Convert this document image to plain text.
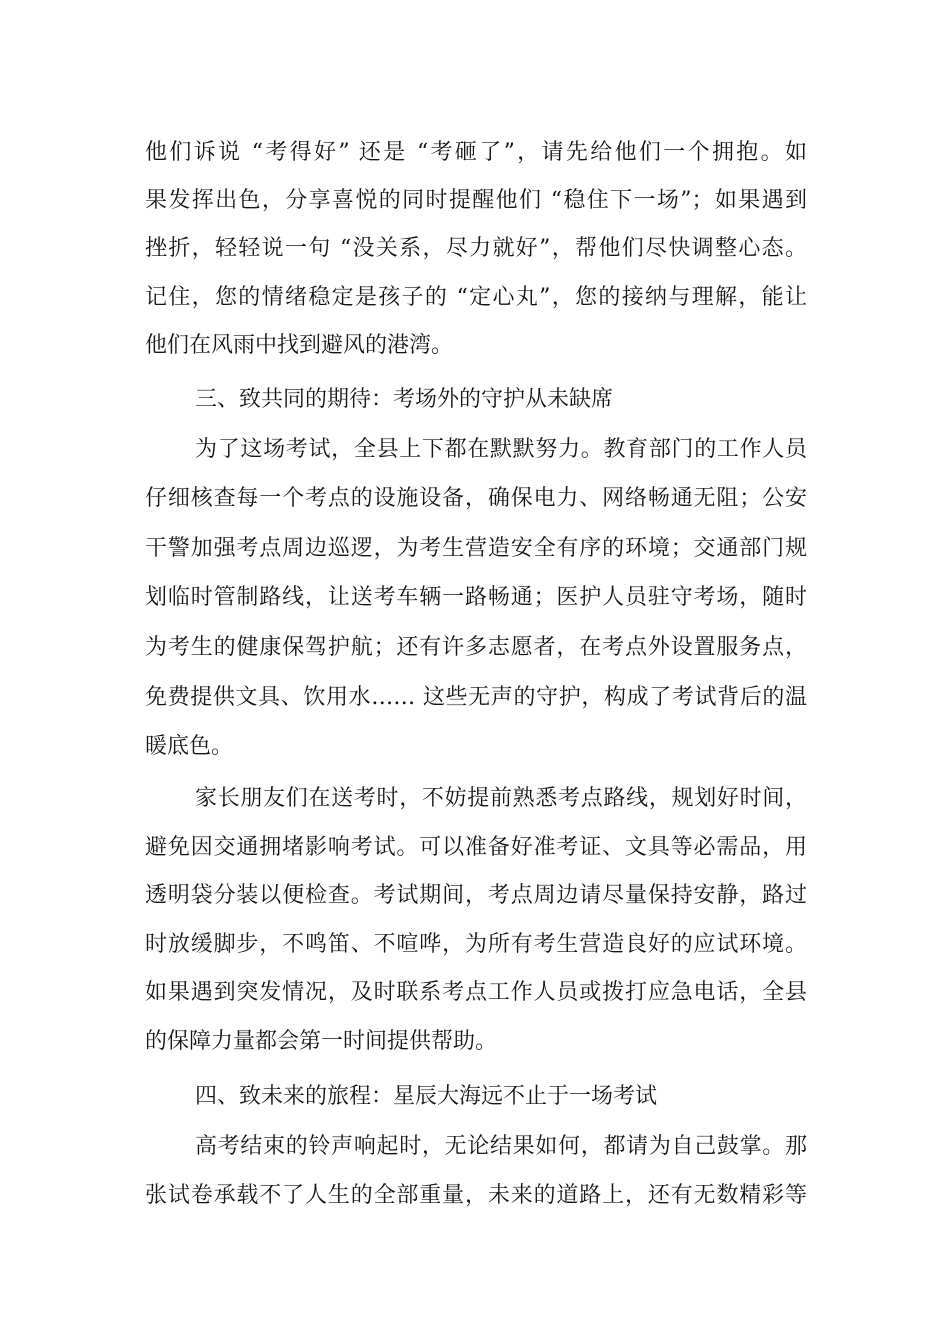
他们诉说 “考得好” 还是 “考砸了”，请先给他们一个拥抱。如
果发挥出色，分享喜悦的同时提醒他们 “稳住下一场”；如果遇到
挫折，轻轻说一句 “没关系，尽力就好”，帮他们尽快调整心态。
记住，您的情绪稳定是孩子的 “定心丸”，您的接纳与理解，能让
他们在风雨中找到避风的港湾。
三、致共同的期待：考场外的守护从未缺席
为了这场考试，全县上下都在默默努力。教育部门的工作人员
仔细核查每一个考点的设施设备，确保电力、网络畅通无阻；公安
干警加强考点周边巡逻，为考生营造安全有序的环境；交通部门规
划临时管制路线，让送考车辆一路畅通；医护人员驻守考场，随时
为考生的健康保驾护航；还有许多志愿者，在考点外设置服务点，
免费提供文具、饮用水…… 这些无声的守护，构成了考试背后的温
暖底色。
家长朋友们在送考时，不妨提前熟悉考点路线，规划好时间，
避免因交通拥堵影响考试。可以准备好准考证、文具等必需品，用
透明袋分装以便检查。考试期间，考点周边请尽量保持安静，路过
时放缓脚步，不鸣笛、不喧哗，为所有考生营造良好的应试环境。
如果遇到突发情况，及时联系考点工作人员或拨打应急电话，全县
的保障力量都会第一时间提供帮助。
四、致未来的旅程：星辰大海远不止于一场考试
高考结束的铃声响起时，无论结果如何，都请为自己鼓掌。那
张试卷承载不了人生的全部重量，未来的道路上，还有无数精彩等
